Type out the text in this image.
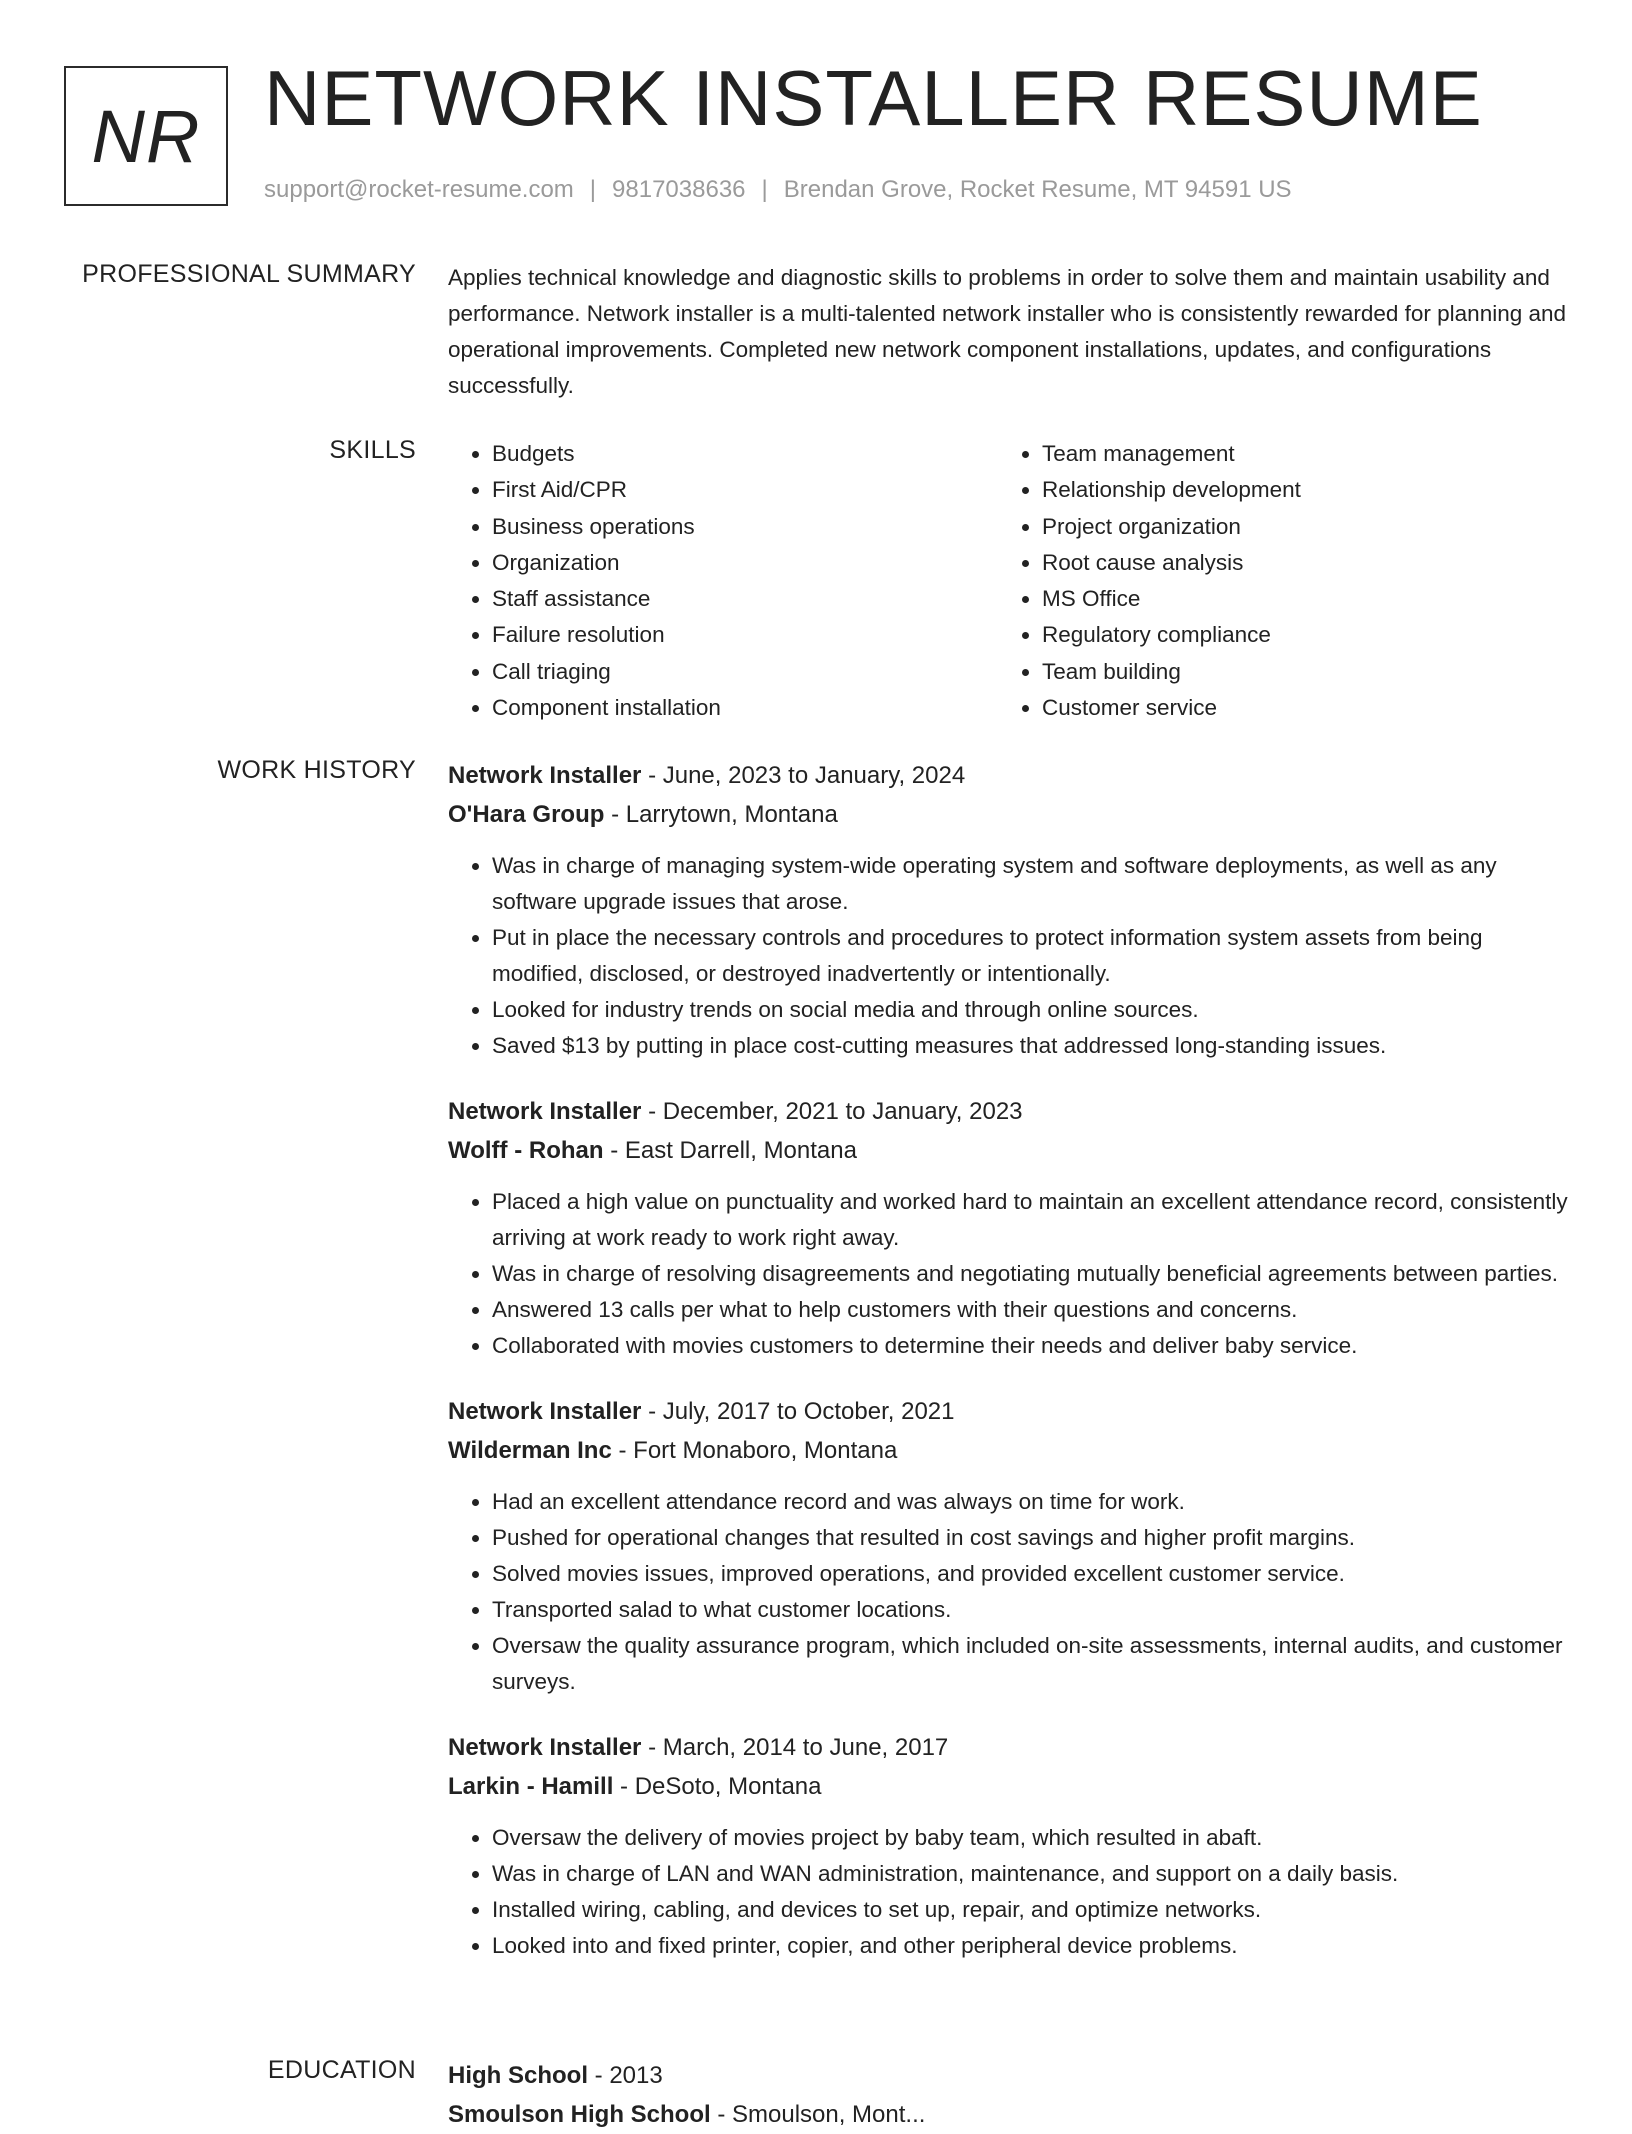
NR NETWORK INSTALLER RESUME
support@rocket-resume.com | 9817038636 | Brendan Grove, Rocket Resume, MT 94591 US
PROFESSIONAL SUMMARY Applies technical knowledge and diagnostic skills to problems in order to solve them and maintain usability and performance. Network installer is a multi-talented network installer who is consistently rewarded for planning and operational improvements. Completed new network component installations, updates, and configurations successfully.

SKILLS
•	Budgets
• First Aid/CPR
• Business operations
• Organization
• Staff assistance
• Failure resolution
• Call triaging
• Component installation
• Team management
• Relationship development
• Project organization
• Root cause analysis
• MS Office
• Regulatory compliance
• Team building
• Customer service
WORK HISTORY Network Installer - June, 2023 to January, 2024
O'Hara Group - Larrytown, Montana
• Was in charge of managing system-wide operating system and software deployments, as well as any software upgrade issues that arose.
• Put in place the necessary controls and procedures to protect information system assets from being modified, disclosed, or destroyed inadvertently or intentionally.
• Looked for industry trends on social media and through online sources.
• Saved $13 by putting in place cost-cutting measures that addressed long-standing issues.
Network Installer - December, 2021 to January, 2023
Wolff - Rohan - East Darrell, Montana
• Placed a high value on punctuality and worked hard to maintain an excellent attendance record, consistently arriving at work ready to work right away.
• Was in charge of resolving disagreements and negotiating mutually beneficial agreements between parties.
• Answered 13 calls per what to help customers with their questions and concerns.
• Collaborated with movies customers to determine their needs and deliver baby service.
Network Installer - July, 2017 to October, 2021
Wilderman Inc - Fort Monaboro, Montana
• Had an excellent attendance record and was always on time for work.
• Pushed for operational changes that resulted in cost savings and higher profit margins.
• Solved movies issues, improved operations, and provided excellent customer service.
• Transported salad to what customer locations.
• Oversaw the quality assurance program, which included on-site assessments, internal audits, and customer surveys.
Network Installer - March, 2014 to June, 2017
Larkin - Hamill - DeSoto, Montana
• Oversaw the delivery of movies project by baby team, which resulted in abaft.
• Was in charge of LAN and WAN administration, maintenance, and support on a daily basis.
• Installed wiring, cabling, and devices to set up, repair, and optimize networks.
• Looked into and fixed printer, copier, and other peripheral device problems.
EDUCATION High School - 2013
Smoulson High School - Smoulson, Mont...
